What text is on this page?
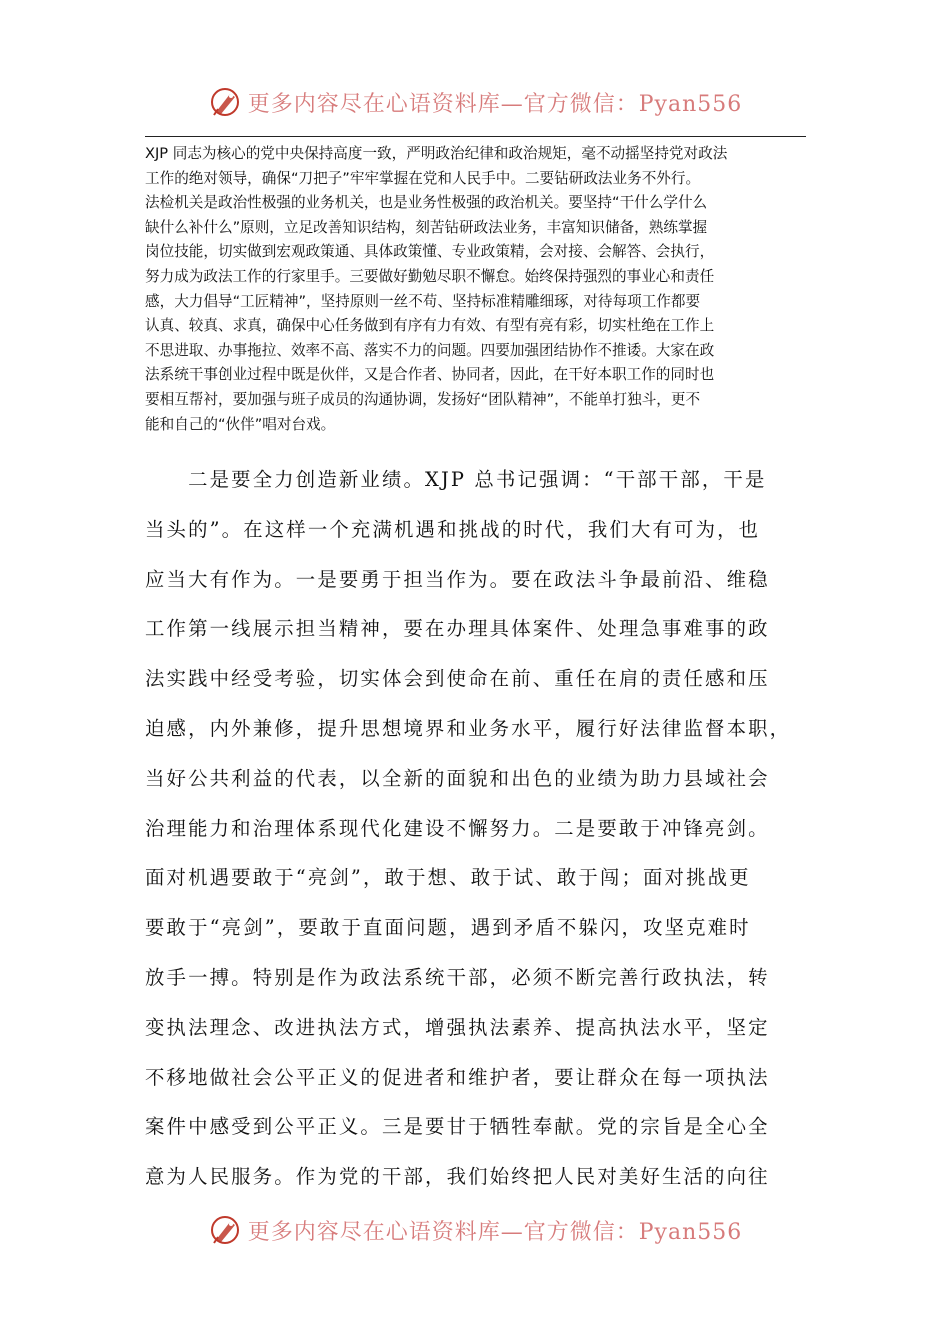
更多内容尽在心语资料库—官方微信：Pyan556
XJP 同志为核心的党中央保持高度一致，严明政治纪律和政治规矩，毫不动摇坚持党对政法
工作的绝对领导，确保“刀把子”牢牢掌握在党和人民手中。二要钻研政法业务不外行。
法检机关是政治性极强的业务机关，也是业务性极强的政治机关。要坚持“干什么学什么
缺什么补什么”原则，立足改善知识结构，刻苦钻研政法业务，丰富知识储备，熟练掌握
岗位技能，切实做到宏观政策通、具体政策懂、专业政策精，会对接、会解答、会执行，
努力成为政法工作的行家里手。三要做好勤勉尽职不懈怠。始终保持强烈的事业心和责任
感，大力倡导“工匠精神”，坚持原则一丝不苟、坚持标准精雕细琢，对待每项工作都要
认真、较真、求真，确保中心任务做到有序有力有效、有型有亮有彩，切实杜绝在工作上
不思进取、办事拖拉、效率不高、落实不力的问题。四要加强团结协作不推诿。大家在政
法系统干事创业过程中既是伙伴，又是合作者、协同者，因此，在干好本职工作的同时也
要相互帮衬，要加强与班子成员的沟通协调，发扬好“团队精神”，不能单打独斗，更不
能和自己的“伙伴”唱对台戏。
　　二是要全力创造新业绩。XJP 总书记强调：“干部干部，干是
当头的”。在这样一个充满机遇和挑战的时代，我们大有可为，也
应当大有作为。一是要勇于担当作为。要在政法斗争最前沿、维稳
工作第一线展示担当精神，要在办理具体案件、处理急事难事的政
法实践中经受考验，切实体会到使命在前、重任在肩的责任感和压
迫感，内外兼修，提升思想境界和业务水平，履行好法律监督本职，
当好公共利益的代表，以全新的面貌和出色的业绩为助力县域社会
治理能力和治理体系现代化建设不懈努力。二是要敢于冲锋亮剑。
面对机遇要敢于“亮剑”，敢于想、敢于试、敢于闯；面对挑战更
要敢于“亮剑”，要敢于直面问题，遇到矛盾不躲闪，攻坚克难时
放手一搏。特别是作为政法系统干部，必须不断完善行政执法，转
变执法理念、改进执法方式，增强执法素养、提高执法水平，坚定
不移地做社会公平正义的促进者和维护者，要让群众在每一项执法
案件中感受到公平正义。三是要甘于牺牲奉献。党的宗旨是全心全
意为人民服务。作为党的干部，我们始终把人民对美好生活的向往
更多内容尽在心语资料库—官方微信：Pyan556
